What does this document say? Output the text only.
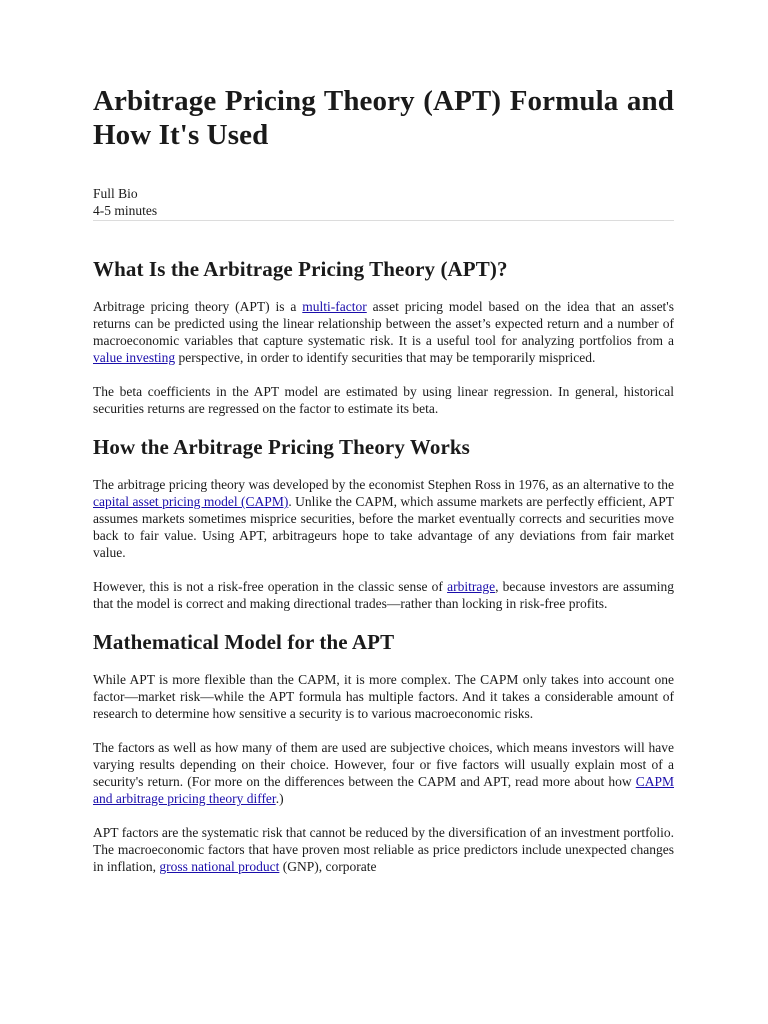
Arbitrage Pricing Theory (APT) Formula and How It's Used
Full Bio
4-5 minutes
What Is the Arbitrage Pricing Theory (APT)?

Arbitrage pricing theory (APT) is a multi-factor asset pricing model based on the idea that an asset's returns can be predicted using the linear relationship between the asset’s expected return and a number of macroeconomic variables that capture systematic risk. It is a useful tool for analyzing portfolios from a value investing perspective, in order to identify securities that may be temporarily mispriced.

The beta coefficients in the APT model are estimated by using linear regression. In general, historical securities returns are regressed on the factor to estimate its beta.

How the Arbitrage Pricing Theory Works

The arbitrage pricing theory was developed by the economist Stephen Ross in 1976, as an alternative to the capital asset pricing model (CAPM). Unlike the CAPM, which assume markets are perfectly efficient, APT assumes markets sometimes misprice securities, before the market eventually corrects and securities move back to fair value. Using APT, arbitrageurs hope to take advantage of any deviations from fair market value.

However, this is not a risk-free operation in the classic sense of arbitrage, because investors are assuming that the model is correct and making directional trades—rather than locking in risk-free profits.

Mathematical Model for the APT

While APT is more flexible than the CAPM, it is more complex. The CAPM only takes into account one factor—market risk—while the APT formula has multiple factors. And it takes a considerable amount of research to determine how sensitive a security is to various macroeconomic risks.

The factors as well as how many of them are used are subjective choices, which means investors will have varying results depending on their choice. However, four or five factors will usually explain most of a security's return. (For more on the differences between the CAPM and APT, read more about how CAPM and arbitrage pricing theory differ.)

APT factors are the systematic risk that cannot be reduced by the diversification of an investment portfolio. The macroeconomic factors that have proven most reliable as price predictors include unexpected changes in inflation, gross national product (GNP), corporate
